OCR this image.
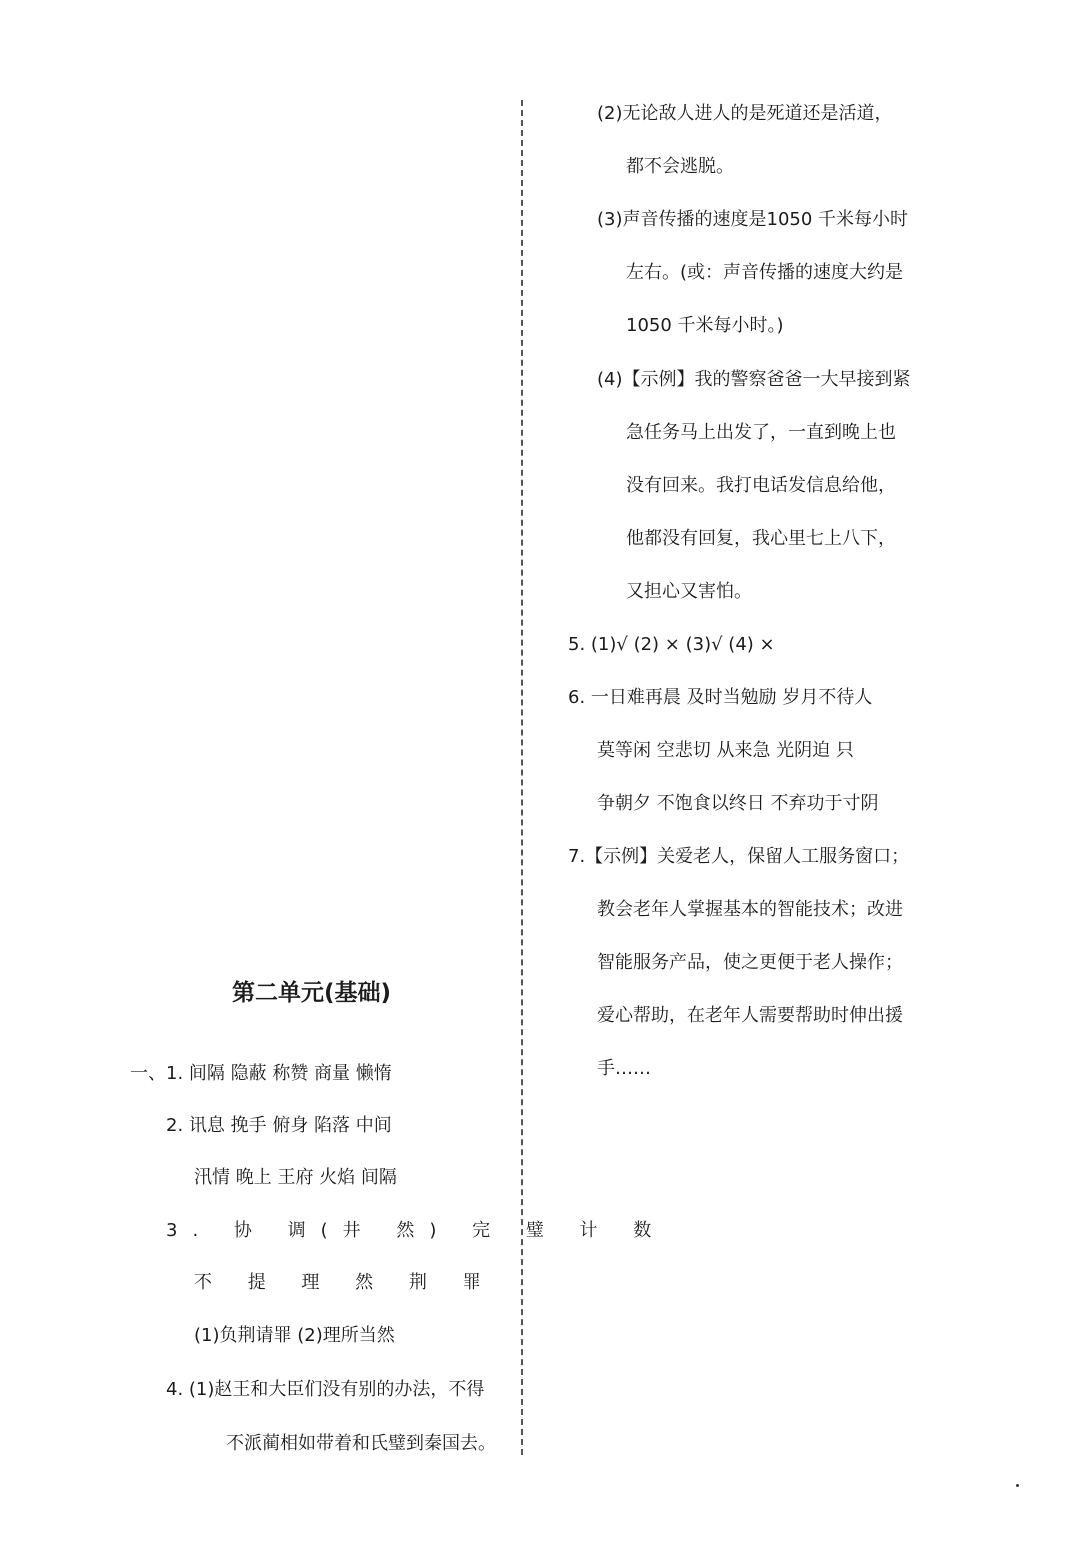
(2)无论敌人进人的是死道还是活道，
都不会逃脱。
(3)声音传播的速度是1050 千米每小时
左右。(或：声音传播的速度大约是
1050 千米每小时。)
(4)【示例】我的警察爸爸一大早接到紧
急任务马上出发了，一直到晚上也
没有回来。我打电话发信息给他，
他都没有回复，我心里七上八下，
又担心又害怕。
5. (1)√ (2) × (3)√ (4) ×
6. 一日难再晨 及时当勉励 岁月不待人
莫等闲 空悲切 从来急 光阴迫 只
争朝夕 不饱食以终日 不弃功于寸阴
7.【示例】关爱老人，保留人工服务窗口；
教会老年人掌握基本的智能技术；改进
智能服务产品，使之更便于老人操作；
爱心帮助，在老年人需要帮助时伸出援
手……
第二单元(基础)
一、1. 间隔 隐蔽 称赞 商量 懒惰
2. 讯息 挽手 俯身 陷落 中间
汛情 晚上 王府 火焰 间隔
3. 协 调(井 然) 完 璧 计 数
不 提 理 然 荆 罪
(1)负荆请罪 (2)理所当然
4. (1)赵王和大臣们没有别的办法，不得
不派蔺相如带着和氏璧到秦国去。
